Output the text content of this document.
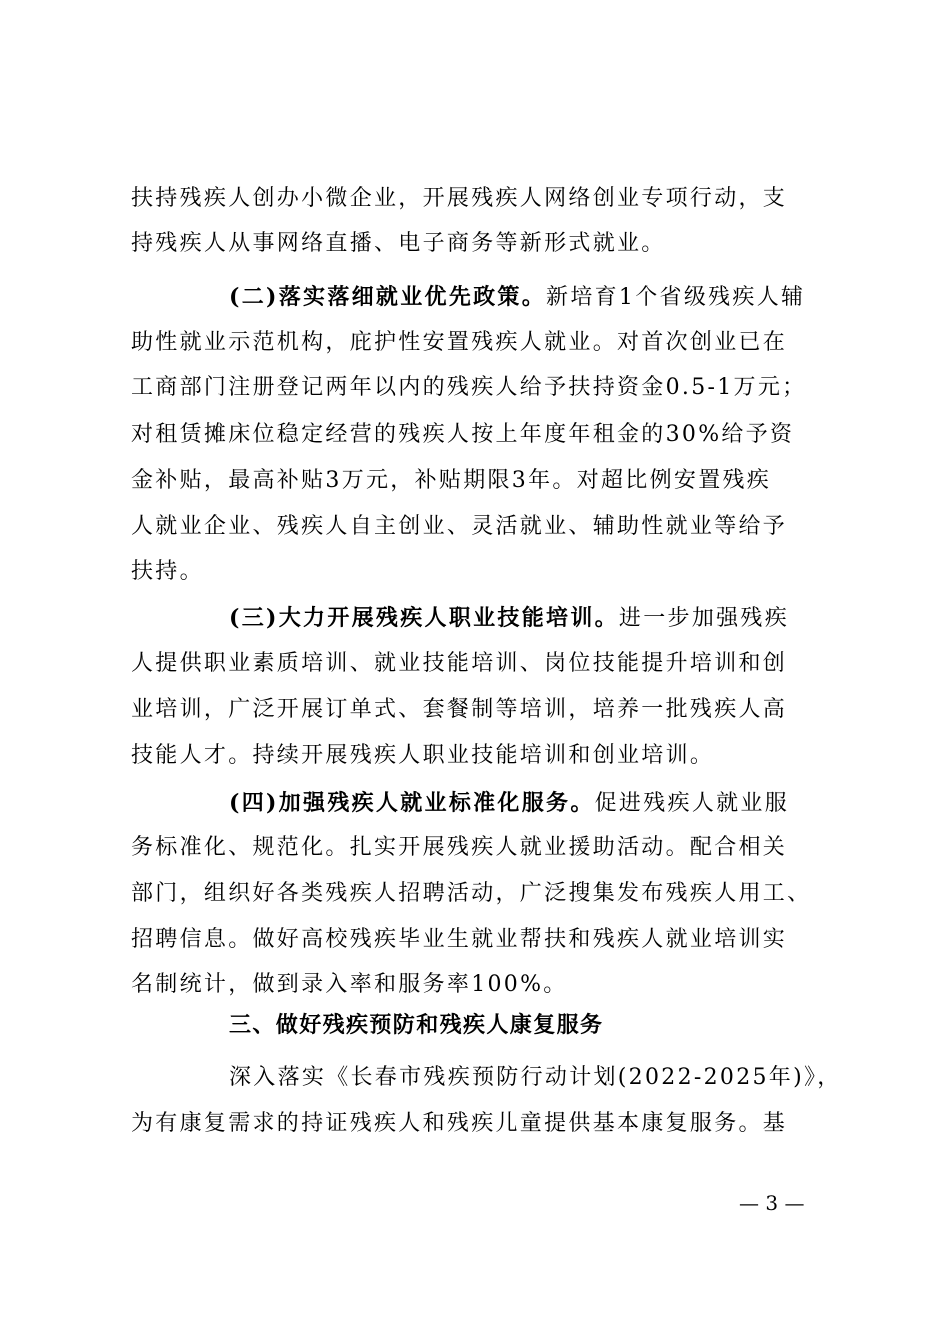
扶持残疾人创办小微企业，开展残疾人网络创业专项行动，支
持残疾人从事网络直播、电子商务等新形式就业。
(二)落实落细就业优先政策。新培育1个省级残疾人辅
助性就业示范机构，庇护性安置残疾人就业。对首次创业已在
工商部门注册登记两年以内的残疾人给予扶持资金0.5-1万元；
对租赁摊床位稳定经营的残疾人按上年度年租金的30%给予资
金补贴，最高补贴3万元，补贴期限3年。对超比例安置残疾
人就业企业、残疾人自主创业、灵活就业、辅助性就业等给予
扶持。
(三)大力开展残疾人职业技能培训。进一步加强残疾
人提供职业素质培训、就业技能培训、岗位技能提升培训和创
业培训，广泛开展订单式、套餐制等培训，培养一批残疾人高
技能人才。持续开展残疾人职业技能培训和创业培训。
(四)加强残疾人就业标准化服务。促进残疾人就业服
务标准化、规范化。扎实开展残疾人就业援助活动。配合相关
部门，组织好各类残疾人招聘活动，广泛搜集发布残疾人用工、
招聘信息。做好高校残疾毕业生就业帮扶和残疾人就业培训实
名制统计，做到录入率和服务率100%。
三、做好残疾预防和残疾人康复服务
深入落实《长春市残疾预防行动计划(2022-2025年)》，
为有康复需求的持证残疾人和残疾儿童提供基本康复服务。基
— 3 —
